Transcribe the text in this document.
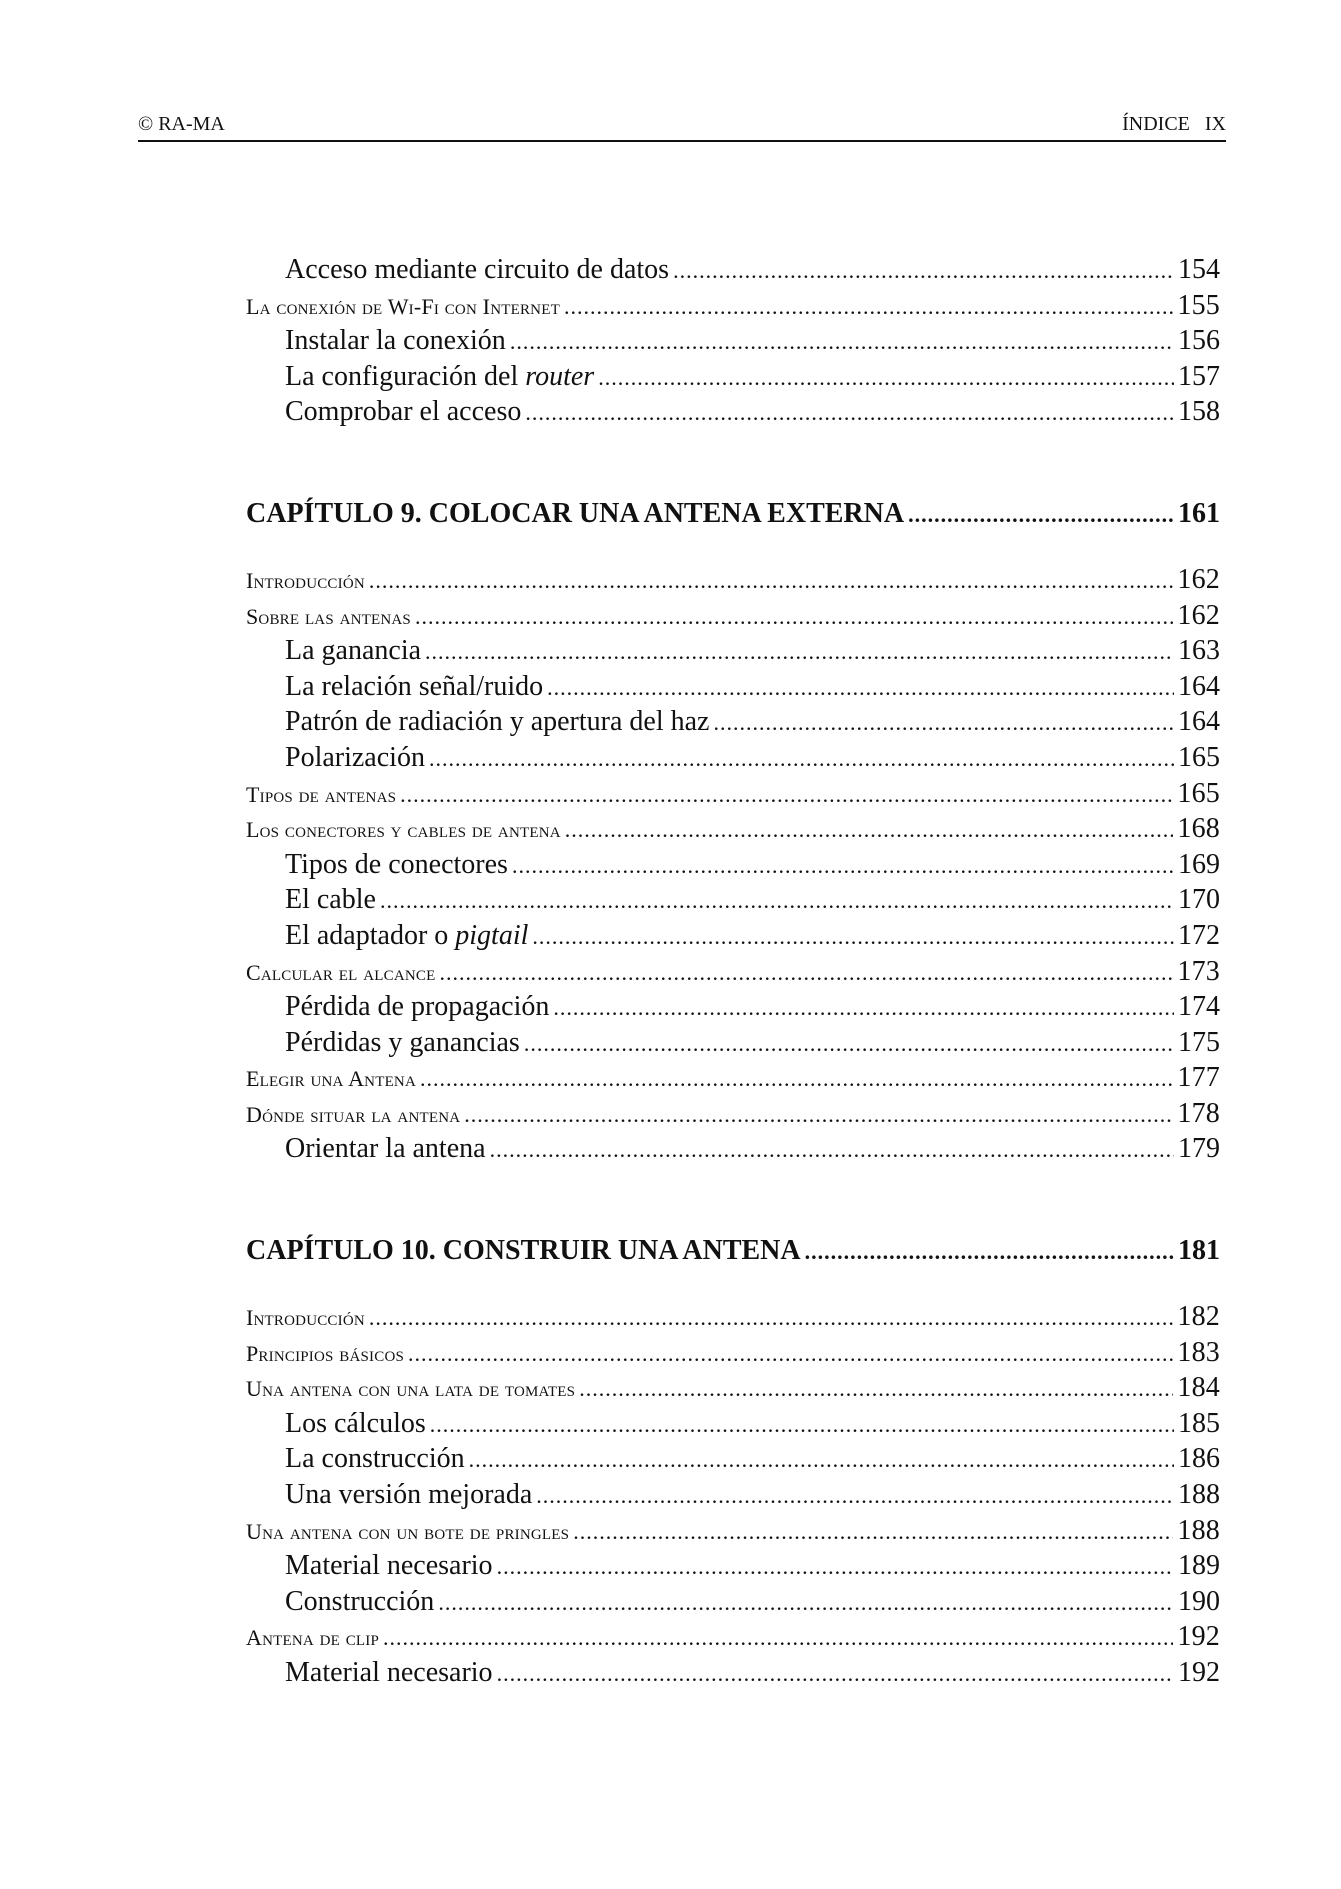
© RA-MA	ÍNDICE IX
Acceso mediante circuito de datos .....	154
La conexión de Wi-Fi con Internet .....	155
Instalar la conexión .....	156
La configuración del router .....	157
Comprobar el acceso .....	158
CAPÍTULO 9. COLOCAR UNA ANTENA EXTERNA .....	161
Introducción .....	162
Sobre las antenas .....	162
La ganancia .....	163
La relación señal/ruido .....	164
Patrón de radiación y apertura del haz .....	164
Polarización .....	165
Tipos de antenas .....	165
Los conectores y cables de antena .....	168
Tipos de conectores .....	169
El cable .....	170
El adaptador o pigtail .....	172
Calcular el alcance .....	173
Pérdida de propagación .....	174
Pérdidas y ganancias .....	175
Elegir una Antena .....	177
Dónde situar la antena .....	178
Orientar la antena .....	179
CAPÍTULO 10. CONSTRUIR UNA ANTENA .....	181
Introducción .....	182
Principios básicos .....	183
Una antena con una lata de tomates .....	184
Los cálculos .....	185
La construcción .....	186
Una versión mejorada .....	188
Una antena con un bote de pringles .....	188
Material necesario .....	189
Construcción .....	190
Antena de clip .....	192
Material necesario .....	192
